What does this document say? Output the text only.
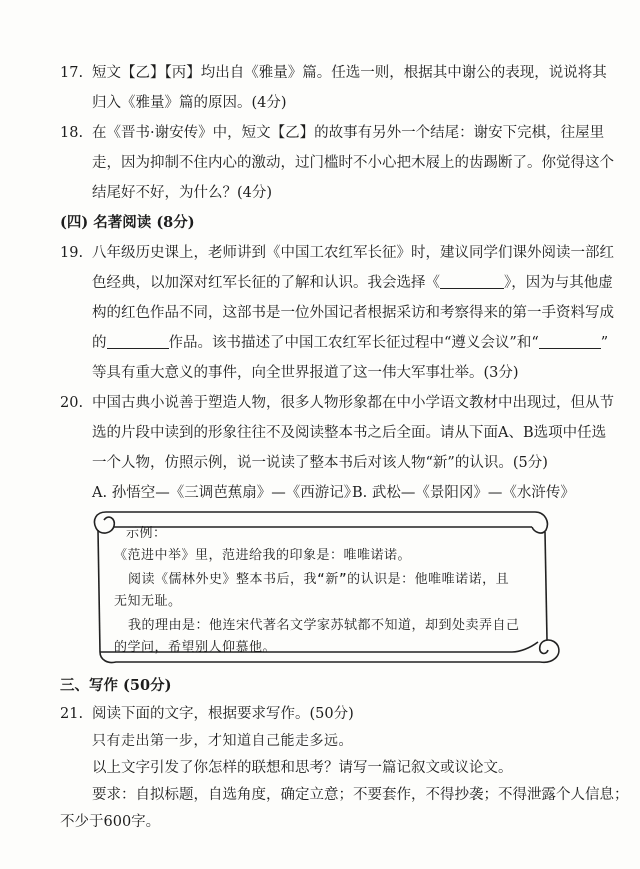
17. 短文【乙】【丙】均出自《雅量》篇。任选一则，根据其中谢公的表现，说说将其
归入《雅量》篇的原因。(4分)
18. 在《晋书·谢安传》中，短文【乙】的故事有另外一个结尾：谢安下完棋，往屋里
走，因为抑制不住内心的激动，过门槛时不小心把木屐上的齿踢断了。你觉得这个
结尾好不好，为什么？(4分)
(四) 名著阅读 (8分)
19. 八年级历史课上，老师讲到《中国工农红军长征》时，建议同学们课外阅读一部红
色经典，以加深对红军长征的了解和认识。我会选择《	》，因为与其他虚
构的红色作品不同，这部书是一位外国记者根据采访和考察得来的第一手资料写成
的	作品。该书描述了中国工农红军长征过程中“遵义会议”和“	”
等具有重大意义的事件，向全世界报道了这一伟大军事壮举。(3分)
20. 中国古典小说善于塑造人物，很多人物形象都在中小学语文教材中出现过，但从节
选的片段中读到的形象往往不及阅读整本书之后全面。请从下面A、B选项中任选
一个人物，仿照示例，说一说读了整本书后对该人物“新”的认识。(5分)
A. 孙悟空—《三调芭蕉扇》—《西游记》
B. 武松—《景阳冈》—《水浒传》
示例：
《范进中举》里，范进给我的印象是：唯唯诺诺。
阅读《儒林外史》整本书后，我“新”的认识是：他唯唯诺诺，且
无知无耻。
我的理由是：他连宋代著名文学家苏轼都不知道，却到处卖弄自己
的学问，希望别人仰慕他。
三、写作 (50分)
21. 阅读下面的文字，根据要求写作。(50分)
只有走出第一步，才知道自己能走多远。
以上文字引发了你怎样的联想和思考？请写一篇记叙文或议论文。
要求：自拟标题，自选角度，确定立意；不要套作，不得抄袭；不得泄露个人信息；
不少于600字。
